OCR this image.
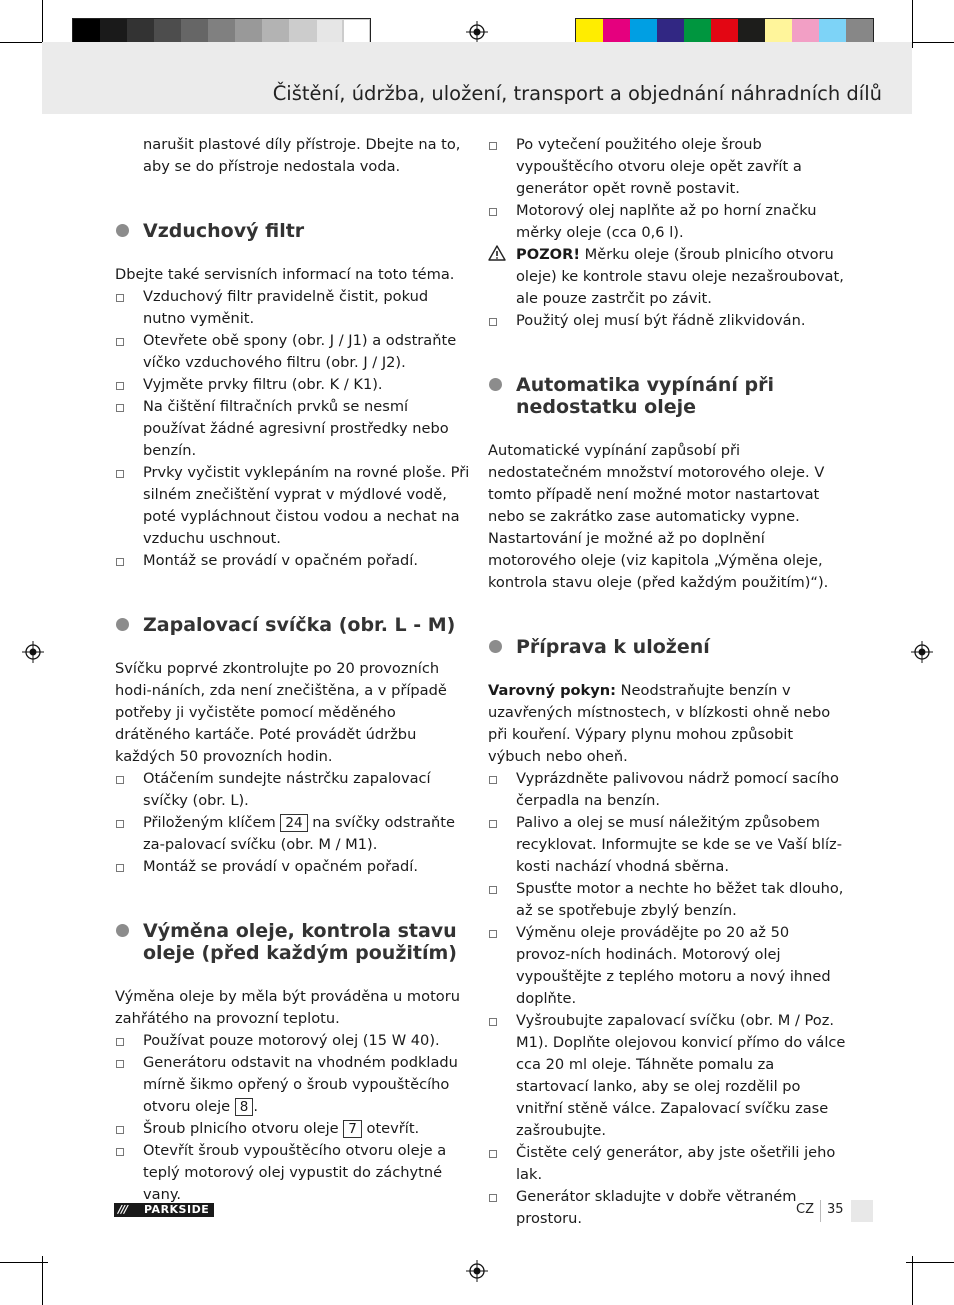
Čištění, údržba, uložení, transport a objednání náhradních dílů

narušit plastové díly přístroje. Dbejte na to, aby se do přístroje nedostala voda.

Vzduchový filtr

Dbejte také servisních informací na toto téma.

Vzduchový filtr pravidelně čistit, pokud nutno vyměnit.
Otevřete obě spony (obr. J / J1) a odstraňte víčko vzduchového filtru (obr. J / J2).
Vyjměte prvky filtru (obr. K / K1).
Na čištění filtračních prvků se nesmí používat žádné agresivní prostředky nebo benzín.
Prvky vyčistit vyklepáním na rovné ploše. Při silném znečištění vyprat v mýdlové vodě, poté vypláchnout čistou vodou a nechat na vzduchu uschnout.
Montáž se provádí v opačném pořadí.
Zapalovací svíčka (obr. L - M)

Svíčku poprvé zkontrolujte po 20 provozních hodi-náních, zda není znečištěna, a v případě potřeby ji vyčistěte pomocí měděného drátěného kartáče. Poté provádět údržbu každých 50 provozních hodin.

Otáčením sundejte nástrčku zapalovací svíčky (obr. L).
Přiloženým klíčem 24 na svíčky odstraňte za-palovací svíčku (obr. M / M1).
Montáž se provádí v opačném pořadí.
Výměna oleje, kontrola stavu oleje (před každým použitím)

Výměna oleje by měla být prováděna u motoru zahřátého na provozní teplotu.

Používat pouze motorový olej (15 W 40).
Generátoru odstavit na vhodném podkladu mírně šikmo opřený o šroub vypouštěcího otvoru oleje 8 .
Šroub plnicího otvoru oleje 7 otevřít.
Otevřít šroub vypouštěcího otvoru oleje a teplý motorový olej vypustit do záchytné vany.
Po vytečení použitého oleje šroub vypouštěcího otvoru oleje opět zavřít a generátor opět rovně postavit.
Motorový olej naplňte až po horní značku měrky oleje (cca 0,6 l).
POZOR! Měrku oleje (šroub plnicího otvoru oleje) ke kontrole stavu oleje nezašroubovat, ale pouze zastrčit po závit.
Použitý olej musí být řádně zlikvidován.
Automatika vypínání při nedostatku oleje

Automatické vypínání zapůsobí při nedostatečném množství motorového oleje. V tomto případě není možné motor nastartovat nebo se zakrátko zase automaticky vypne. Nastartování je možné až po doplnění motorového oleje (viz kapitola „Výměna oleje, kontrola stavu oleje (před každým použitím)“).

Příprava k uložení

Varovný pokyn: Neodstraňujte benzín v uzavřených místnostech, v blízkosti ohně nebo při kouření. Výpary plynu mohou způsobit výbuch nebo oheň.

Vyprázdněte palivovou nádrž pomocí sacího čerpadla na benzín.
Palivo a olej se musí náležitým způsobem recyklovat. Informujte se kde se ve Vaší blíz-kosti nachází vhodná sběrna.
Spusťte motor a nechte ho běžet tak dlouho, až se spotřebuje zbylý benzín.
Výměnu oleje provádějte po 20 až 50 provoz-ních hodinách. Motorový olej vypouštějte z teplého motoru a nový ihned doplňte.
Vyšroubujte zapalovací svíčku (obr. M / Poz. M1). Doplňte olejovou konvicí přímo do válce cca 20 ml oleje. Táhněte pomalu za startovací lanko, aby se olej rozdělil po vnitřní stěně válce. Zapalovací svíčku zase zašroubujte.
Čistěte celý generátor, aby jste ošetřili jeho lak.
Generátor skladujte v dobře větraném prostoru.
/// PARKSIDE	CZ 35
